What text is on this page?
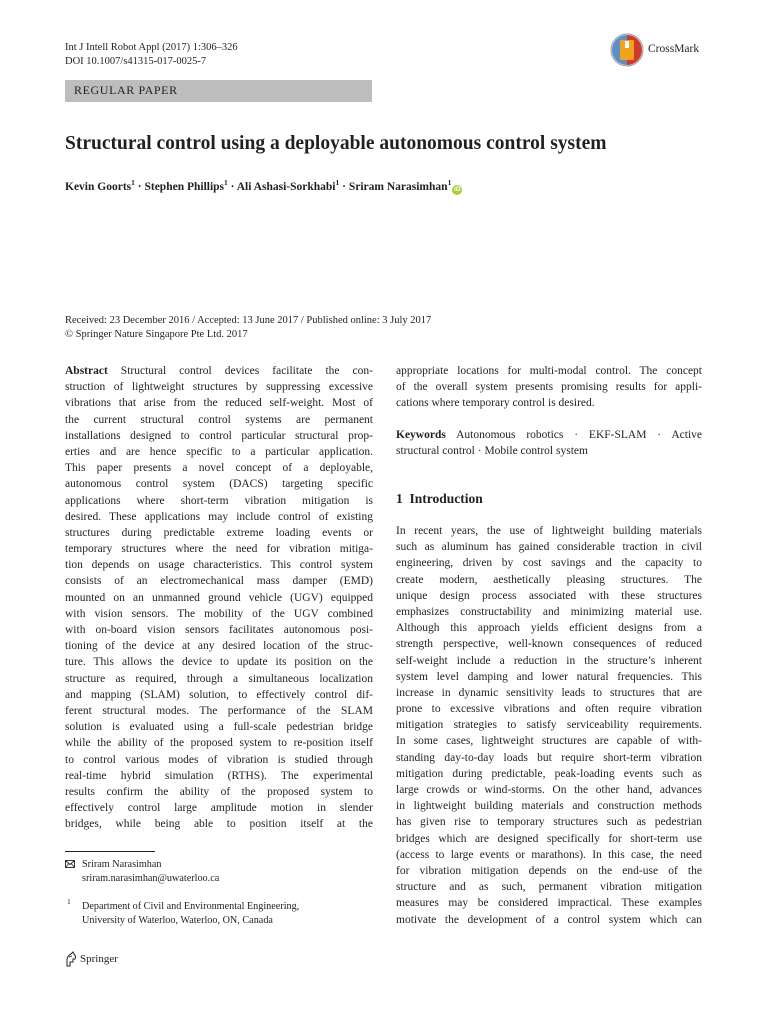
Int J Intell Robot Appl (2017) 1:306–326
DOI 10.1007/s41315-017-0025-7
CrossMark
REGULAR PAPER
Structural control using a deployable autonomous control system
Kevin Goorts$^1$ · Stephen Phillips$^1$ · Ali Ashasi-Sorkhabi$^1$ · Sriram Narasimhan$^1$iD
Received: 23 December 2016 / Accepted: 13 June 2017 / Published online: 3 July 2017
© Springer Nature Singapore Pte Ltd. 2017
Abstract Structural control devices facilitate the con-
struction of lightweight structures by suppressing excessive
vibrations that arise from the reduced self-weight. Most of
the current structural control systems are permanent
installations designed to control particular structural prop-
erties and are hence specific to a particular application.
This paper presents a novel concept of a deployable,
autonomous control system (DACS) targeting specific
applications where short-term vibration mitigation is
desired. These applications may include control of existing
structures during predictable extreme loading events or
temporary structures where the need for vibration mitiga-
tion depends on usage characteristics. This control system
consists of an electromechanical mass damper (EMD)
mounted on an unmanned ground vehicle (UGV) equipped
with vision sensors. The mobility of the UGV combined
with on-board vision sensors facilitates autonomous posi-
tioning of the device at any desired location of the struc-
ture. This allows the device to update its position on the
structure as required, through a simultaneous localization
and mapping (SLAM) solution, to effectively control dif-
ferent structural modes. The performance of the SLAM
solution is evaluated using a full-scale pedestrian bridge
while the ability of the proposed system to re-position itself
to control various modes of vibration is studied through
real-time hybrid simulation (RTHS). The experimental
results confirm the ability of the proposed system to
effectively control large amplitude motion in slender
bridges, while being able to position itself at the
appropriate locations for multi-modal control. The concept
of the overall system presents promising results for appli-
cations where temporary control is desired.
Keywords Autonomous robotics · EKF-SLAM · Active
structural control · Mobile control system
1 Introduction
In recent years, the use of lightweight building materials
such as aluminum has gained considerable traction in civil
engineering, driven by cost savings and the capacity to
create modern, aesthetically pleasing structures. The
unique design process associated with these structures
emphasizes constructability and minimizing material use.
Although this approach yields efficient designs from a
strength perspective, well-known consequences of reduced
self-weight include a reduction in the structure’s inherent
system level damping and lower natural frequencies. This
increase in dynamic sensitivity leads to structures that are
prone to excessive vibrations and often require vibration
mitigation strategies to satisfy serviceability requirements.
In some cases, lightweight structures are capable of with-
standing day-to-day loads but require short-term vibration
mitigation during predictable, peak-loading events such as
large crowds or wind-storms. On the other hand, advances
in lightweight building materials and construction methods
has given rise to temporary structures such as pedestrian
bridges which are designed specifically for short-term use
(access to large events or marathons). In this case, the need
for vibration mitigation depends on the end-use of the
structure and as such, permanent vibration mitigation
measures may be considered impractical. These examples
motivate the development of a control system which can
Sriram Narasimhan
sriram.narasimhan@uwaterloo.ca
1 Department of Civil and Environmental Engineering,
University of Waterloo, Waterloo, ON, Canada
Springer
